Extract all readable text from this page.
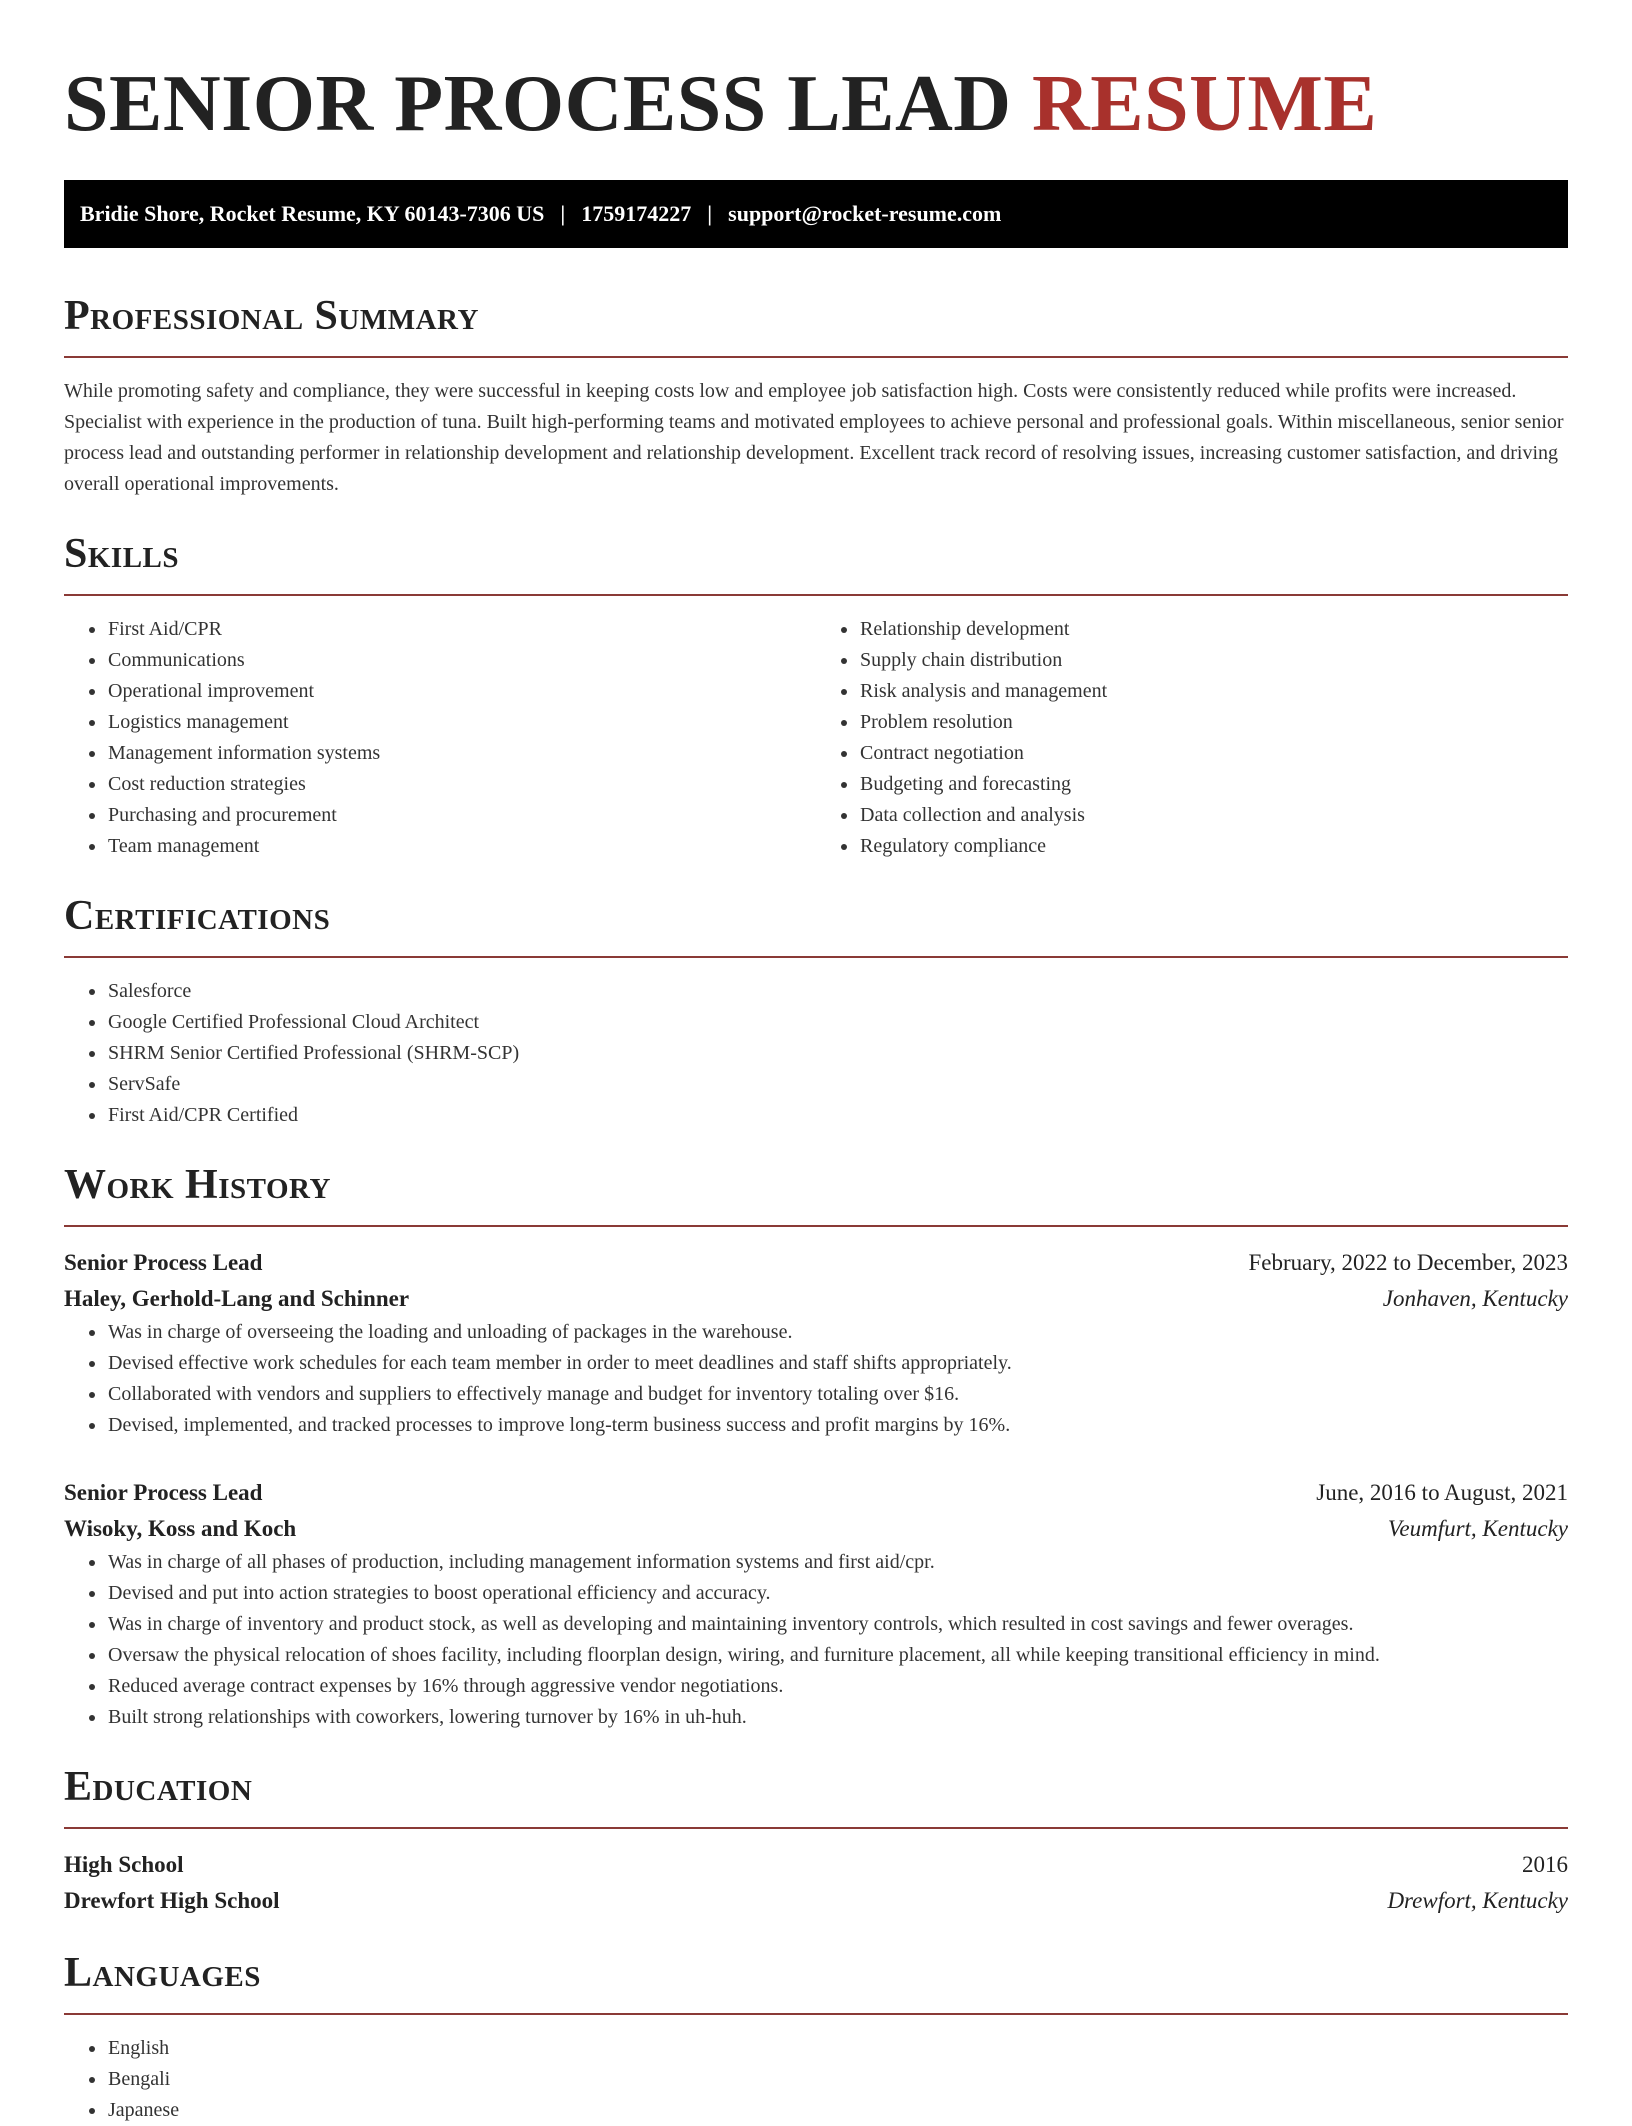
SENIOR PROCESS LEAD RESUME
Bridie Shore, Rocket Resume, KY 60143-7306 US | 1759174227 | support@rocket-resume.com
Professional Summary

While promoting safety and compliance, they were successful in keeping costs low and employee job satisfaction high. Costs were consistently reduced while profits were increased. Specialist with experience in the production of tuna. Built high-performing teams and motivated employees to achieve personal and professional goals. Within miscellaneous, senior senior process lead and outstanding performer in relationship development and relationship development. Excellent track record of resolving issues, increasing customer satisfaction, and driving overall operational improvements.

Skills
• First Aid/CPR
• Communications
• Operational improvement
• Logistics management
• Management information systems
• Cost reduction strategies
• Purchasing and procurement
• Team management
• Relationship development
• Supply chain distribution
• Risk analysis and management
• Problem resolution
• Contract negotiation
• Budgeting and forecasting
• Data collection and analysis
• Regulatory compliance
Certifications
• Salesforce
• Google Certified Professional Cloud Architect
• SHRM Senior Certified Professional (SHRM-SCP)
• ServSafe
• First Aid/CPR Certified
Work History
Senior Process Lead	February, 2022 to December, 2023
Haley, Gerhold-Lang and Schinner	Jonhaven, Kentucky
• Was in charge of overseeing the loading and unloading of packages in the warehouse.
• Devised effective work schedules for each team member in order to meet deadlines and staff shifts appropriately.
• Collaborated with vendors and suppliers to effectively manage and budget for inventory totaling over $16.
• Devised, implemented, and tracked processes to improve long-term business success and profit margins by 16%.
Senior Process Lead	June, 2016 to August, 2021
Wisoky, Koss and Koch	Veumfurt, Kentucky
• Was in charge of all phases of production, including management information systems and first aid/cpr.
• Devised and put into action strategies to boost operational efficiency and accuracy.
• Was in charge of inventory and product stock, as well as developing and maintaining inventory controls, which resulted in cost savings and fewer overages.
• Oversaw the physical relocation of shoes facility, including floorplan design, wiring, and furniture placement, all while keeping transitional efficiency in mind.
• Reduced average contract expenses by 16% through aggressive vendor negotiations.
• Built strong relationships with coworkers, lowering turnover by 16% in uh-huh.
Education
High School	2016
Drewfort High School	Drewfort, Kentucky
Languages
• English
• Bengali
• Japanese
